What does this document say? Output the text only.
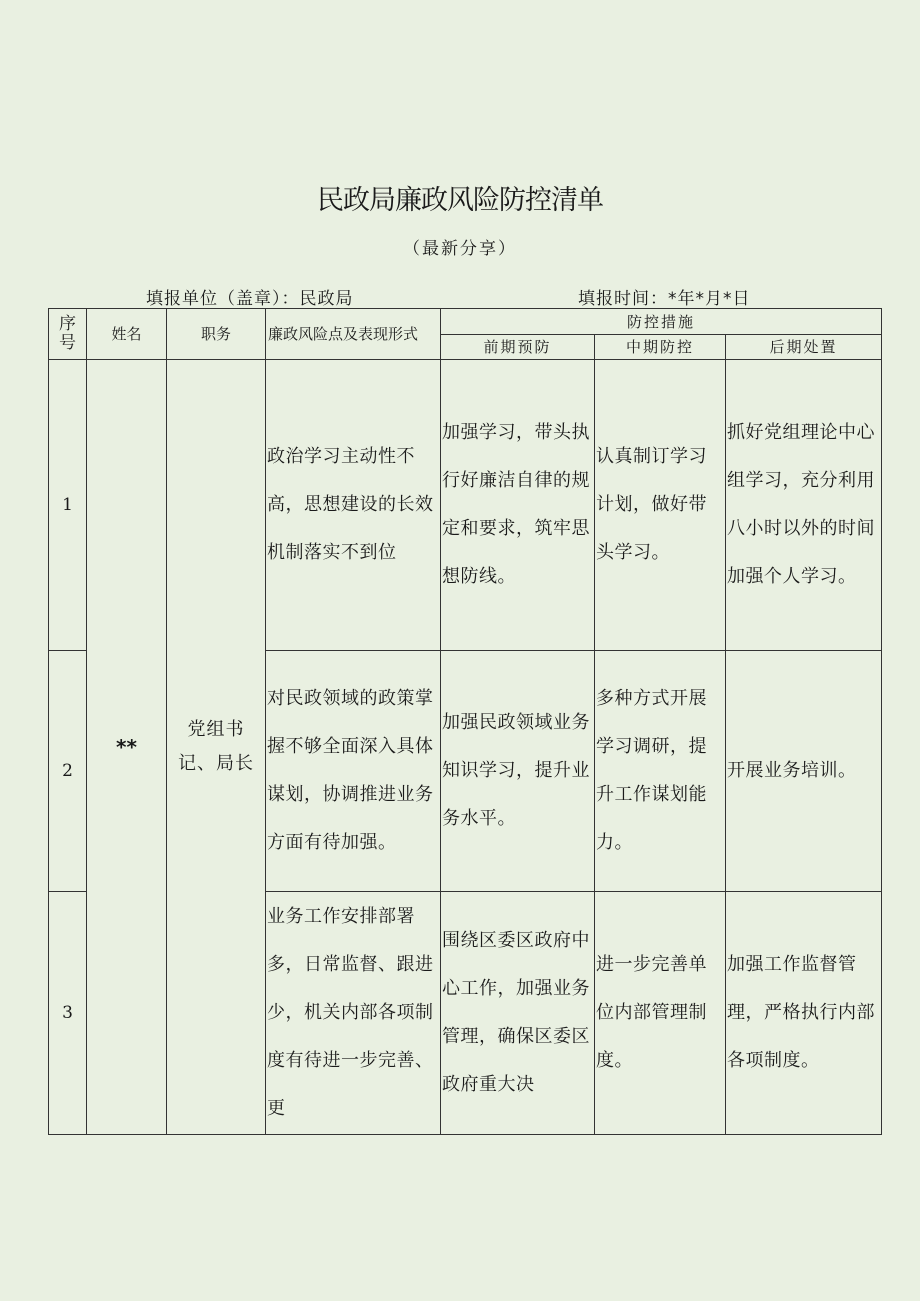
民政局廉政风险防控清单
（最新分享）
填报单位（盖章）：民政局	填报时间：*年*月*日
序号	姓名	职务	廉政风险点及表现形式	防控措施		
				前期预防	中期防控	后期处置
1	**	党组书记、局长	政治学习主动性不高，思想建设的长效机制落实不到位	加强学习，带头执行好廉洁自律的规定和要求，筑牢思想防线。	认真制订学习计划，做好带头学习。	抓好党组理论中心组学习，充分利用八小时以外的时间加强个人学习。
2			对民政领域的政策掌握不够全面深入具体谋划，协调推进业务方面有待加强。	加强民政领域业务知识学习，提升业务水平。	多种方式开展学习调研，提升工作谋划能力。	开展业务培训。
3			业务工作安排部署多，日常监督、跟进少，机关内部各项制度有待进一步完善、更	围绕区委区政府中心工作，加强业务管理，确保区委区政府重大决	进一步完善单位内部管理制度。	加强工作监督管理，严格执行内部各项制度。
